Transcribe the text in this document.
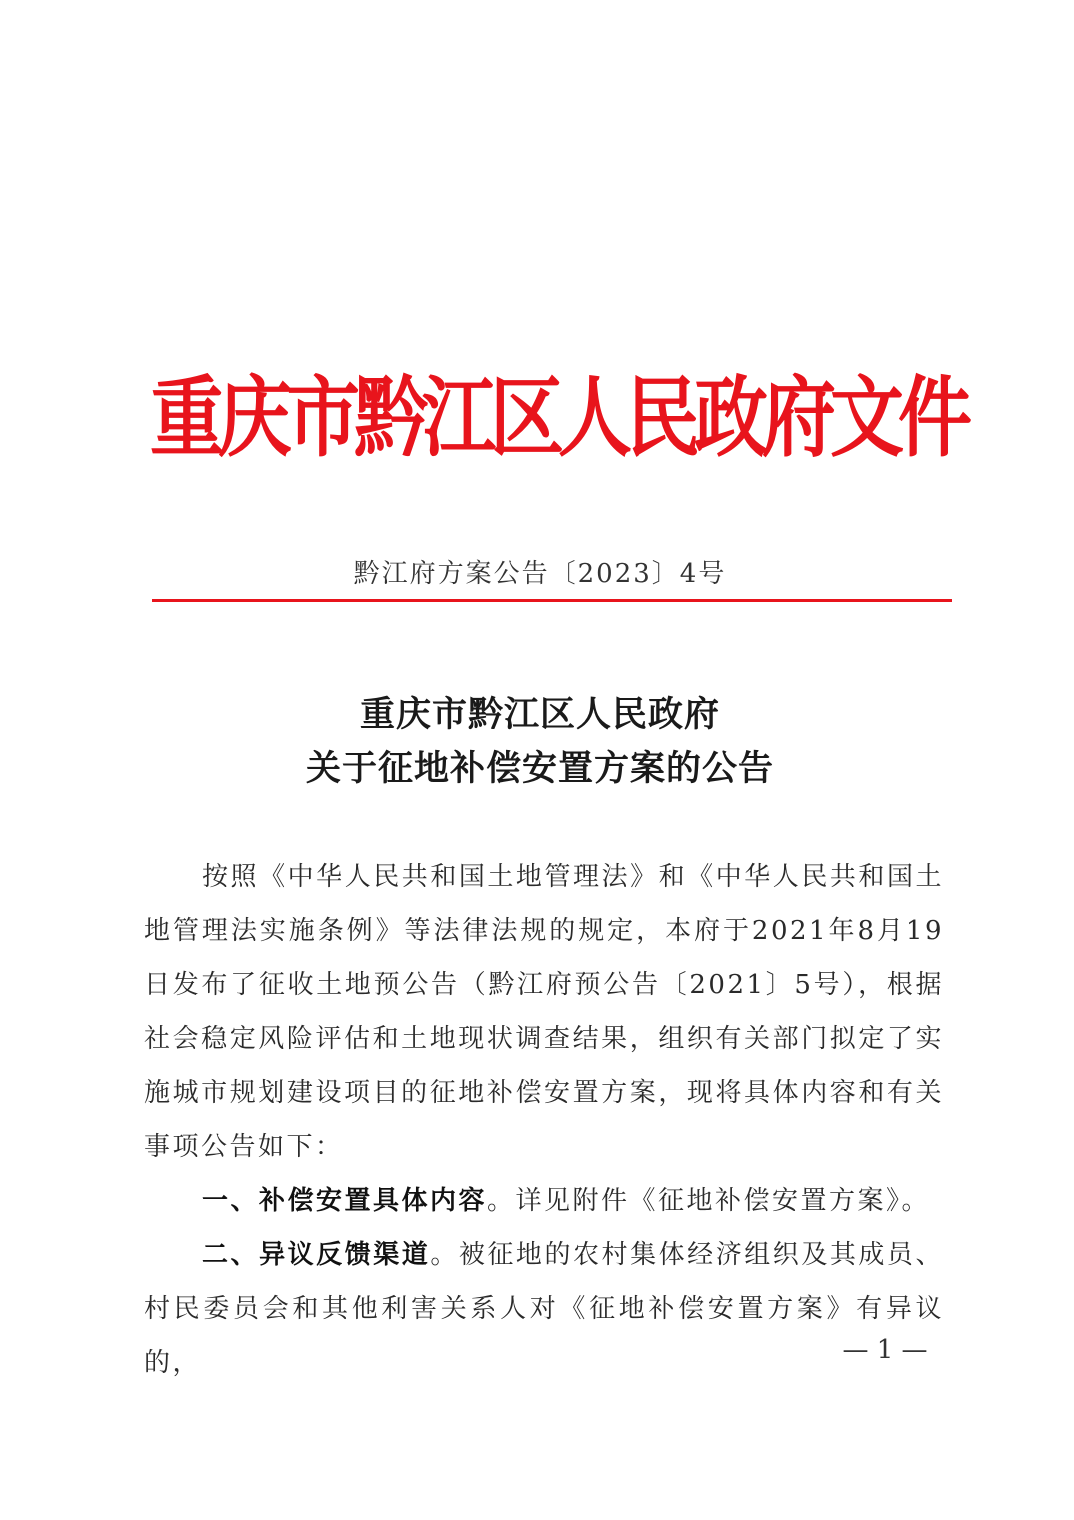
重庆市黔江区人民政府文件
黔江府方案公告〔2023〕4号
重庆市黔江区人民政府
关于征地补偿安置方案的公告

按照《中华人民共和国土地管理法》和《中华人民共和国土地管理法实施条例》等法律法规的规定，本府于2021年8月19日发布了征收土地预公告（黔江府预公告〔2021〕5号），根据社会稳定风险评估和土地现状调查结果，组织有关部门拟定了实施城市规划建设项目的征地补偿安置方案，现将具体内容和有关事项公告如下：

一、补偿安置具体内容。详见附件《征地补偿安置方案》。

二、异议反馈渠道。被征地的农村集体经济组织及其成员、村民委员会和其他利害关系人对《征地补偿安置方案》有异议的，	— 1 —
